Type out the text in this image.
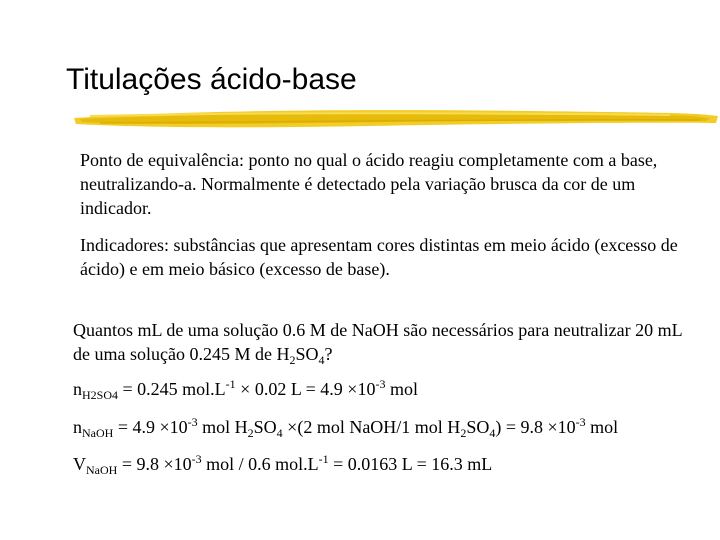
Titulações ácido-base

Ponto de equivalência: ponto no qual o ácido reagiu completamente com a base, neutralizando-a. Normalmente é detectado pela variação brusca da cor de um indicador.

Indicadores: substâncias que apresentam cores distintas em meio ácido (excesso de ácido) e em meio básico (excesso de base).

Quantos mL de uma solução 0.6 M de NaOH são necessários para neutralizar 20 mL de uma solução 0.245 M de $H_2SO_4$?

$n_{H2SO4} = 0.245$ $mol.L^{-1} \times 0.02$ $L = 4.9 \times 10^{-3}$ mol
$n_{NaOH} = 4.9 \times 10^{-3}$ mol $H_2SO_4 \times(2$ mol NaOH/1 mol $H_2SO_4) = 9.8 \times 10^{-3}$ mol
$V_{NaOH} = 9.8 \times 10^{-3}$ mol / 0.6 $mol.L^{-1} = 0.0163$ L = 16.3 mL
